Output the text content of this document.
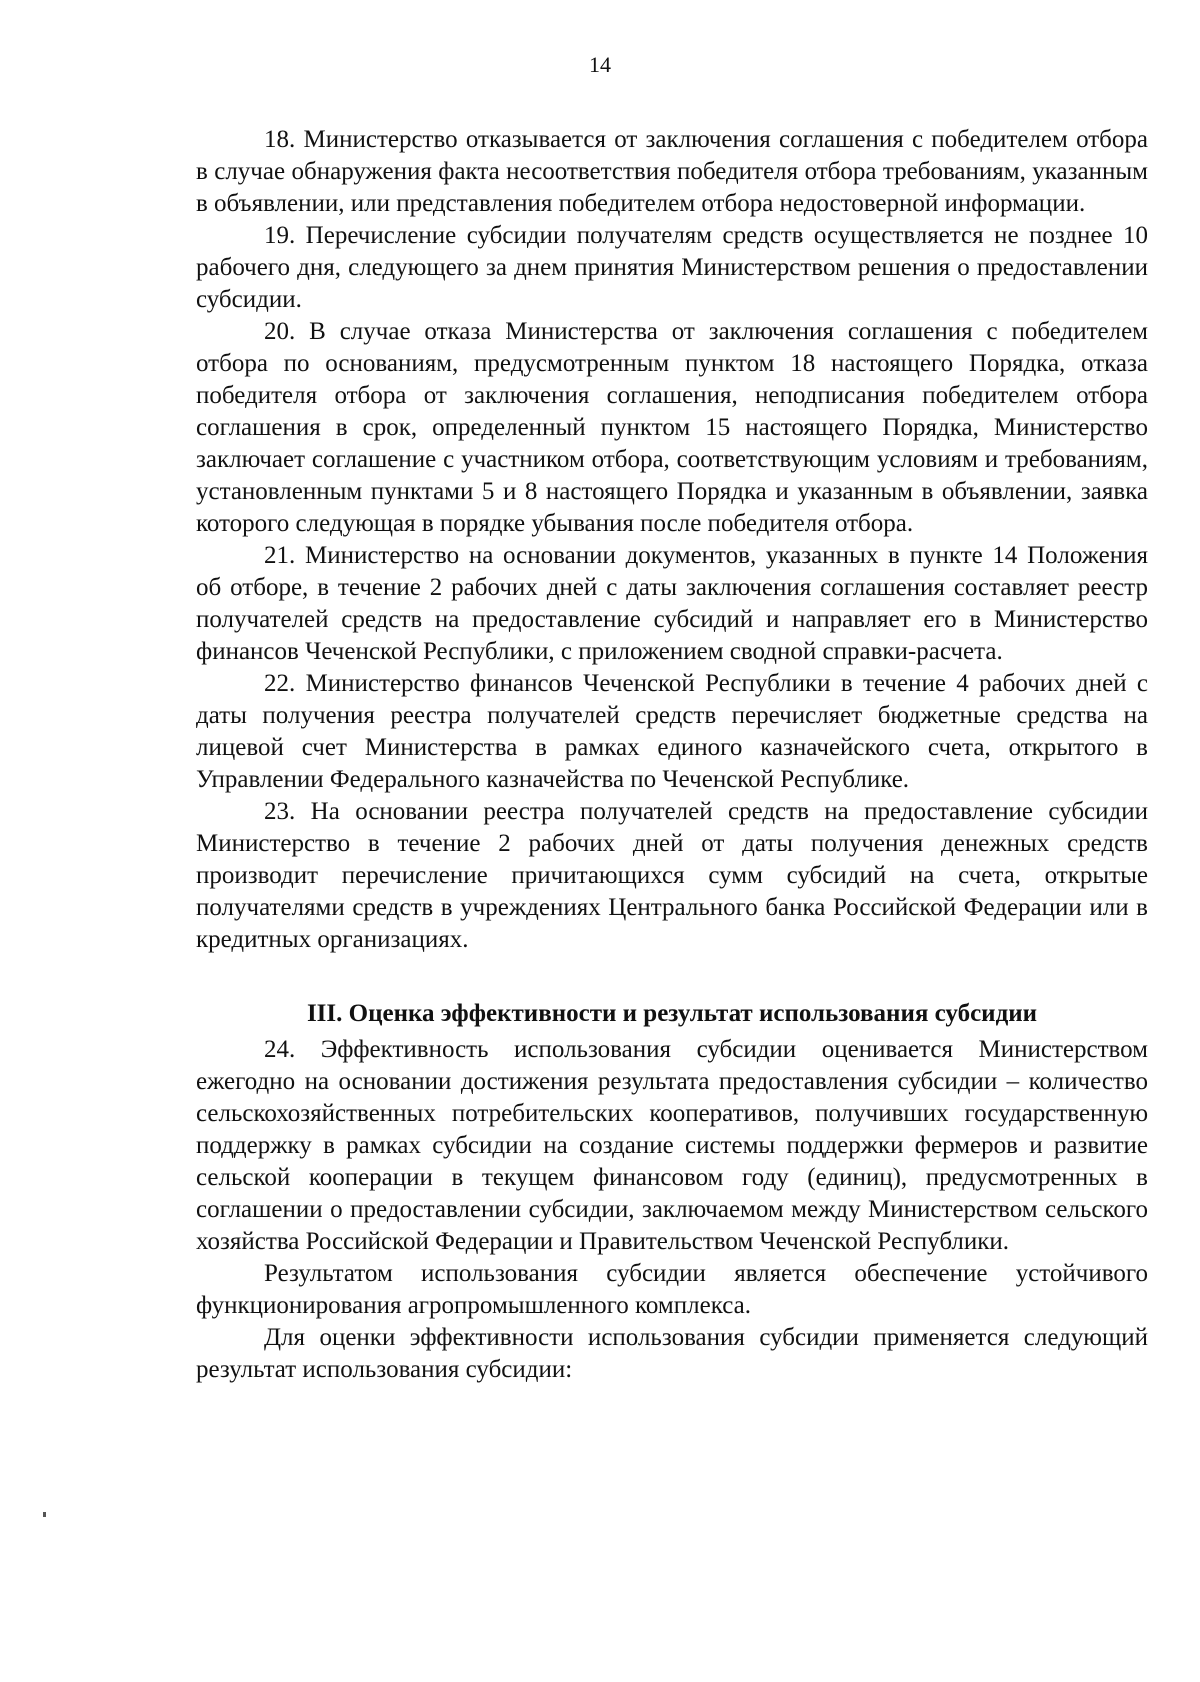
14

18. Министерство отказывается от заключения соглашения с победителем отбора в случае обнаружения факта несоответствия победителя отбора требованиям, указанным в объявлении, или представления победителем отбора недостоверной информации.

19. Перечисление субсидии получателям средств осуществляется не позднее 10 рабочего дня, следующего за днем принятия Министерством решения о предоставлении субсидии.

20. В случае отказа Министерства от заключения соглашения с победителем отбора по основаниям, предусмотренным пунктом 18 настоящего Порядка, отказа победителя отбора от заключения соглашения, неподписания победителем отбора соглашения в срок, определенный пунктом 15 настоящего Порядка, Министерство заключает соглашение с участником отбора, соответствующим условиям и требованиям, установленным пунктами 5 и 8 настоящего Порядка и указанным в объявлении, заявка которого следующая в порядке убывания после победителя отбора.

21. Министерство на основании документов, указанных в пункте 14 Положения об отборе, в течение 2 рабочих дней с даты заключения соглашения составляет реестр получателей средств на предоставление субсидий и направляет его в Министерство финансов Чеченской Республики, с приложением сводной справки-расчета.

22. Министерство финансов Чеченской Республики в течение 4 рабочих дней с даты получения реестра получателей средств перечисляет бюджетные средства на лицевой счет Министерства в рамках единого казначейского счета, открытого в Управлении Федерального казначейства по Чеченской Республике.

23. На основании реестра получателей средств на предоставление субсидии Министерство в течение 2 рабочих дней от даты получения денежных средств производит перечисление причитающихся сумм субсидий на счета, открытые получателями средств в учреждениях Центрального банка Российской Федерации или в кредитных организациях.

III. Оценка эффективности и результат использования субсидии

24. Эффективность использования субсидии оценивается Министерством ежегодно на основании достижения результата предоставления субсидии – количество сельскохозяйственных потребительских кооперативов, получивших государственную поддержку в рамках субсидии на создание системы поддержки фермеров и развитие сельской кооперации в текущем финансовом году (единиц), предусмотренных в соглашении о предоставлении субсидии, заключаемом между Министерством сельского хозяйства Российской Федерации и Правительством Чеченской Республики.

Результатом использования субсидии является обеспечение устойчивого функционирования агропромышленного комплекса.

Для оценки эффективности использования субсидии применяется следующий результат использования субсидии:
